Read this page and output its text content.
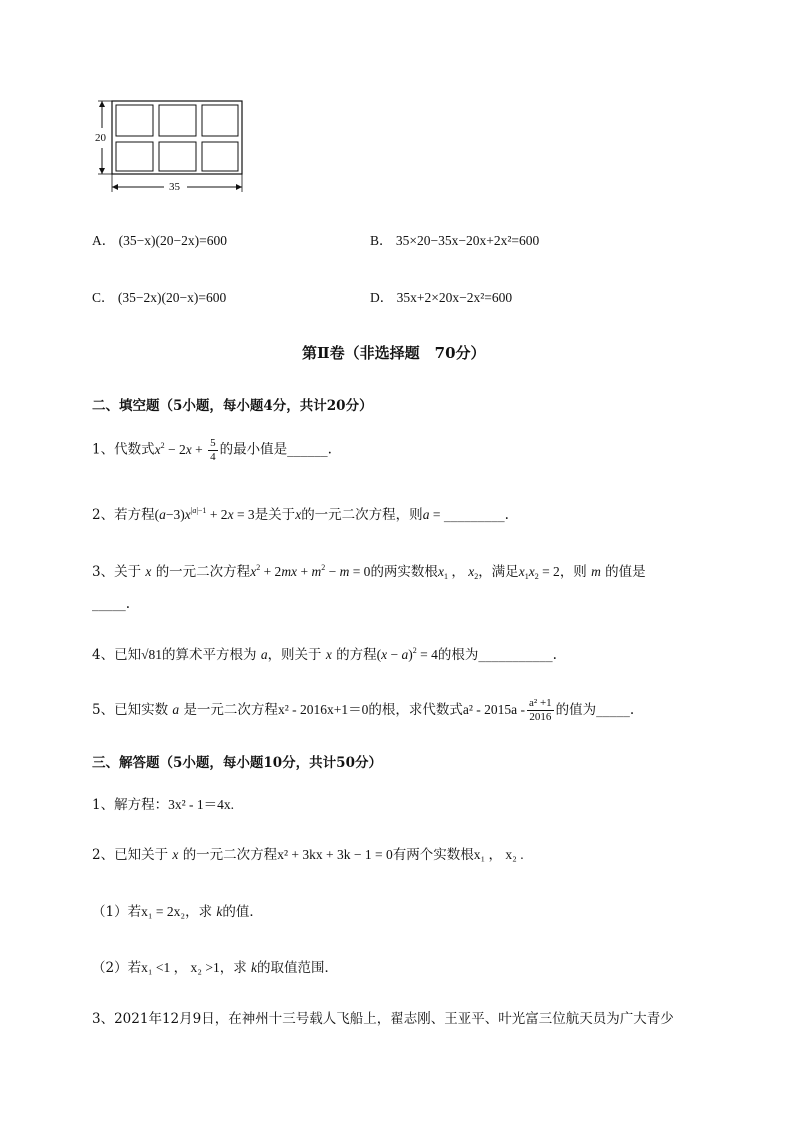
20
35
A． (35−x)(20−2x)=600	B． 35×20−35x−20x+2x²=600
C． (35−2x)(20−x)=600	D． 35x+2×20x−2x²=600
第Ⅱ卷（非选择题　70分）
二、填空题（5小题，每小题4分，共计20分）
1、代数式$x^2 - 2x + \frac{5}{4}$ 的最小值是______.
2、若方程$(a-3)x^{|a|-1} + 2x = 3$是关于x的一元二次方程，则a = _________.
3、关于 x 的一元二次方程$x^2 + 2mx + m^2 - m = 0$的两实数根$x_1$ ， $x_2$，满足$x_1x_2 = 2$，则 m 的值是
_____.
4、已知√81的算术平方根为 a，则关于 x 的方程$(x - a)^2 = 4$的根为___________.
5、已知实数 a 是一元二次方程x² - 2016x+1＝0的根，求代数式$a^2 - 2015a - \frac{\text{a² +1}}{2016}$ 的值为_____.
三、解答题（5小题，每小题10分，共计50分）
1、解方程：3x² - 1＝4x.
2、已知关于 x 的一元二次方程x² + 3kx + 3k − 1 = 0有两个实数根x₁ ， x₂ .
（1）若x₁ = 2x₂，求 k的值．
（2）若x₁ <1 ， x₂ >1，求 k的取值范围．
3、2021年12月9日，在神州十三号载人飞船上，翟志刚、王亚平、叶光富三位航天员为广大青少
